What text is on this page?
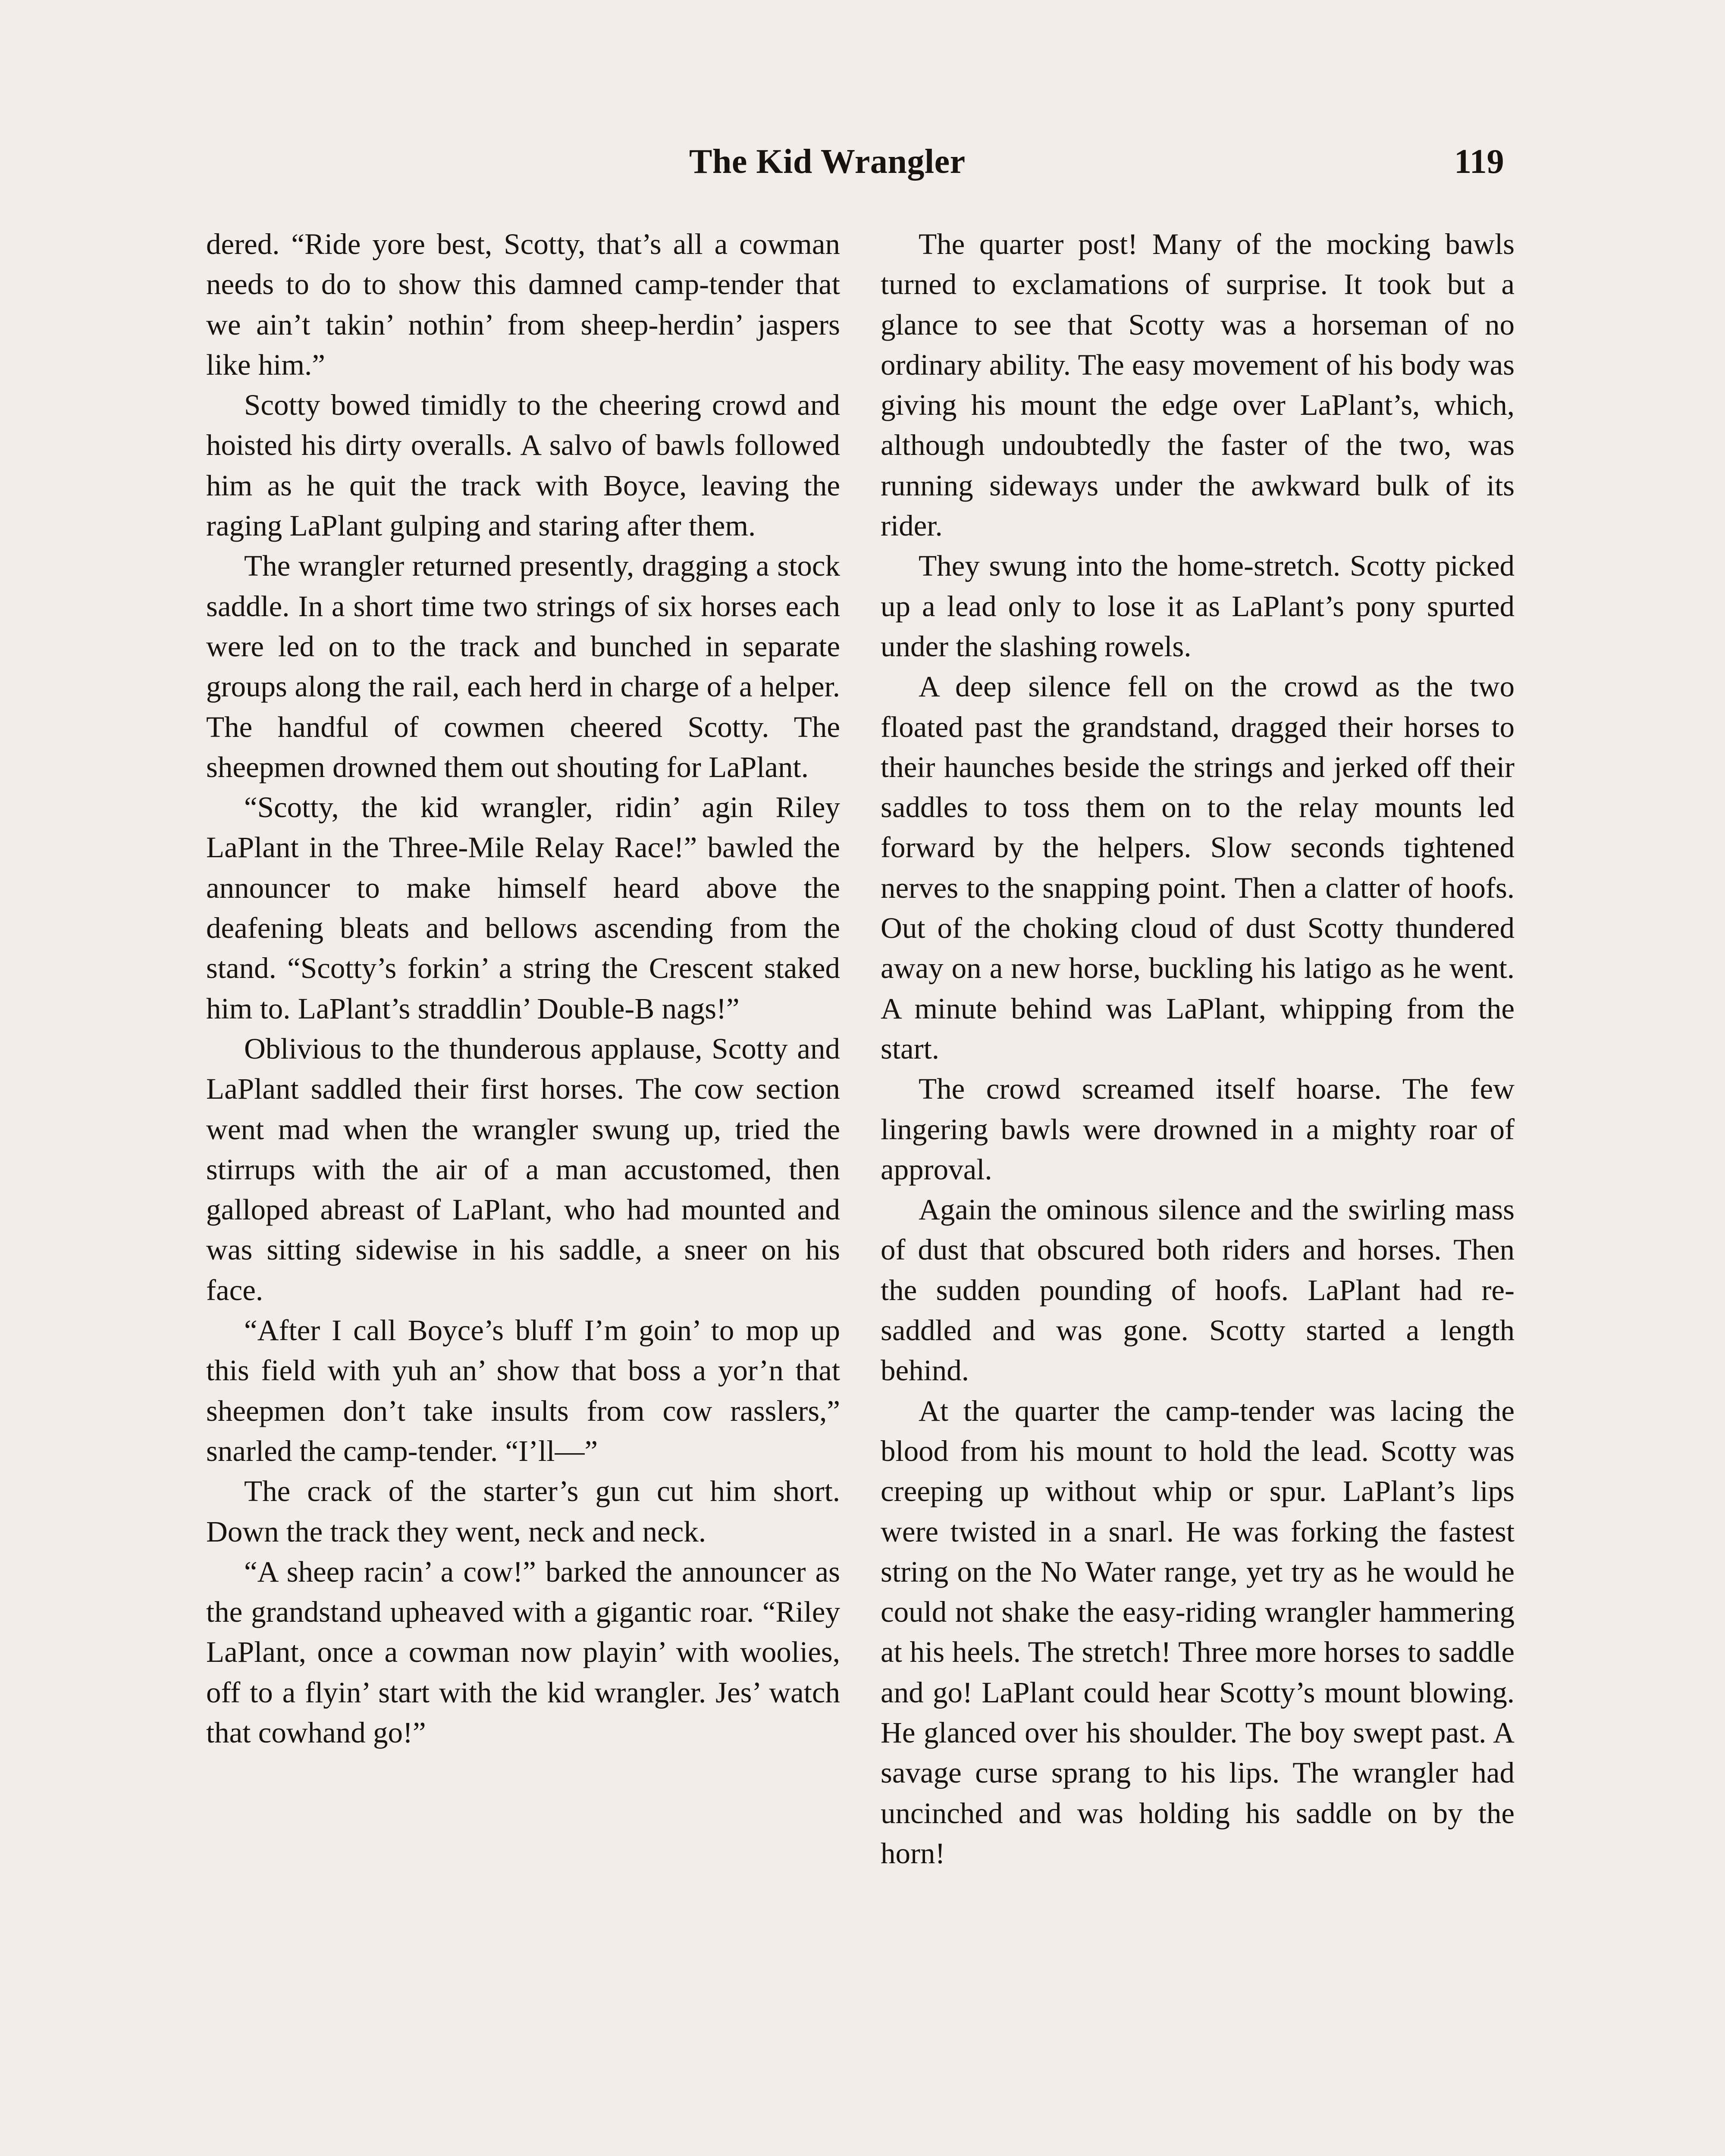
The Kid Wrangler	119

dered. “Ride yore best, Scotty, that’s all a cowman needs to do to show this damned camp-tender that we ain’t takin’ nothin’ from sheep-herdin’ jaspers like him.”

Scotty bowed timidly to the cheering crowd and hoisted his dirty overalls. A salvo of bawls followed him as he quit the track with Boyce, leaving the raging LaPlant gulping and staring after them.

The wrangler returned presently, dragging a stock saddle. In a short time two strings of six horses each were led on to the track and bunched in separate groups along the rail, each herd in charge of a helper. The handful of cowmen cheered Scotty. The sheepmen drowned them out shouting for LaPlant.

“Scotty, the kid wrangler, ridin’ agin Riley LaPlant in the Three-Mile Relay Race!” bawled the announcer to make himself heard above the deafening bleats and bellows ascending from the stand. “Scotty’s forkin’ a string the Crescent staked him to. LaPlant’s straddlin’ Double-B nags!”

Oblivious to the thunderous applause, Scotty and LaPlant saddled their first horses. The cow section went mad when the wrangler swung up, tried the stirrups with the air of a man accustomed, then galloped abreast of LaPlant, who had mounted and was sitting sidewise in his saddle, a sneer on his face.

“After I call Boyce’s bluff I’m goin’ to mop up this field with yuh an’ show that boss a yor’n that sheepmen don’t take insults from cow rasslers,” snarled the camp-tender. “I’ll—”

The crack of the starter’s gun cut him short. Down the track they went, neck and neck.

“A sheep racin’ a cow!” barked the announcer as the grandstand upheaved with a gigantic roar. “Riley LaPlant, once a cowman now playin’ with woolies, off to a flyin’ start with the kid wrangler. Jes’ watch that cowhand go!”

The quarter post! Many of the mocking bawls turned to exclamations of surprise. It took but a glance to see that Scotty was a horseman of no ordinary ability. The easy movement of his body was giving his mount the edge over LaPlant’s, which, although undoubtedly the faster of the two, was running sideways under the awkward bulk of its rider.

They swung into the home-stretch. Scotty picked up a lead only to lose it as LaPlant’s pony spurted under the slashing rowels.

A deep silence fell on the crowd as the two floated past the grandstand, dragged their horses to their haunches beside the strings and jerked off their saddles to toss them on to the relay mounts led forward by the helpers. Slow seconds tightened nerves to the snapping point. Then a clatter of hoofs. Out of the choking cloud of dust Scotty thundered away on a new horse, buckling his latigo as he went. A minute behind was LaPlant, whipping from the start.

The crowd screamed itself hoarse. The few lingering bawls were drowned in a mighty roar of approval.

Again the ominous silence and the swirling mass of dust that obscured both riders and horses. Then the sudden pounding of hoofs. LaPlant had re-saddled and was gone. Scotty started a length behind.

At the quarter the camp-tender was lacing the blood from his mount to hold the lead. Scotty was creeping up without whip or spur. LaPlant’s lips were twisted in a snarl. He was forking the fastest string on the No Water range, yet try as he would he could not shake the easy-riding wrangler hammering at his heels. The stretch! Three more horses to saddle and go! LaPlant could hear Scotty’s mount blowing. He glanced over his shoulder. The boy swept past. A savage curse sprang to his lips. The wrangler had uncinched and was holding his saddle on by the horn!
